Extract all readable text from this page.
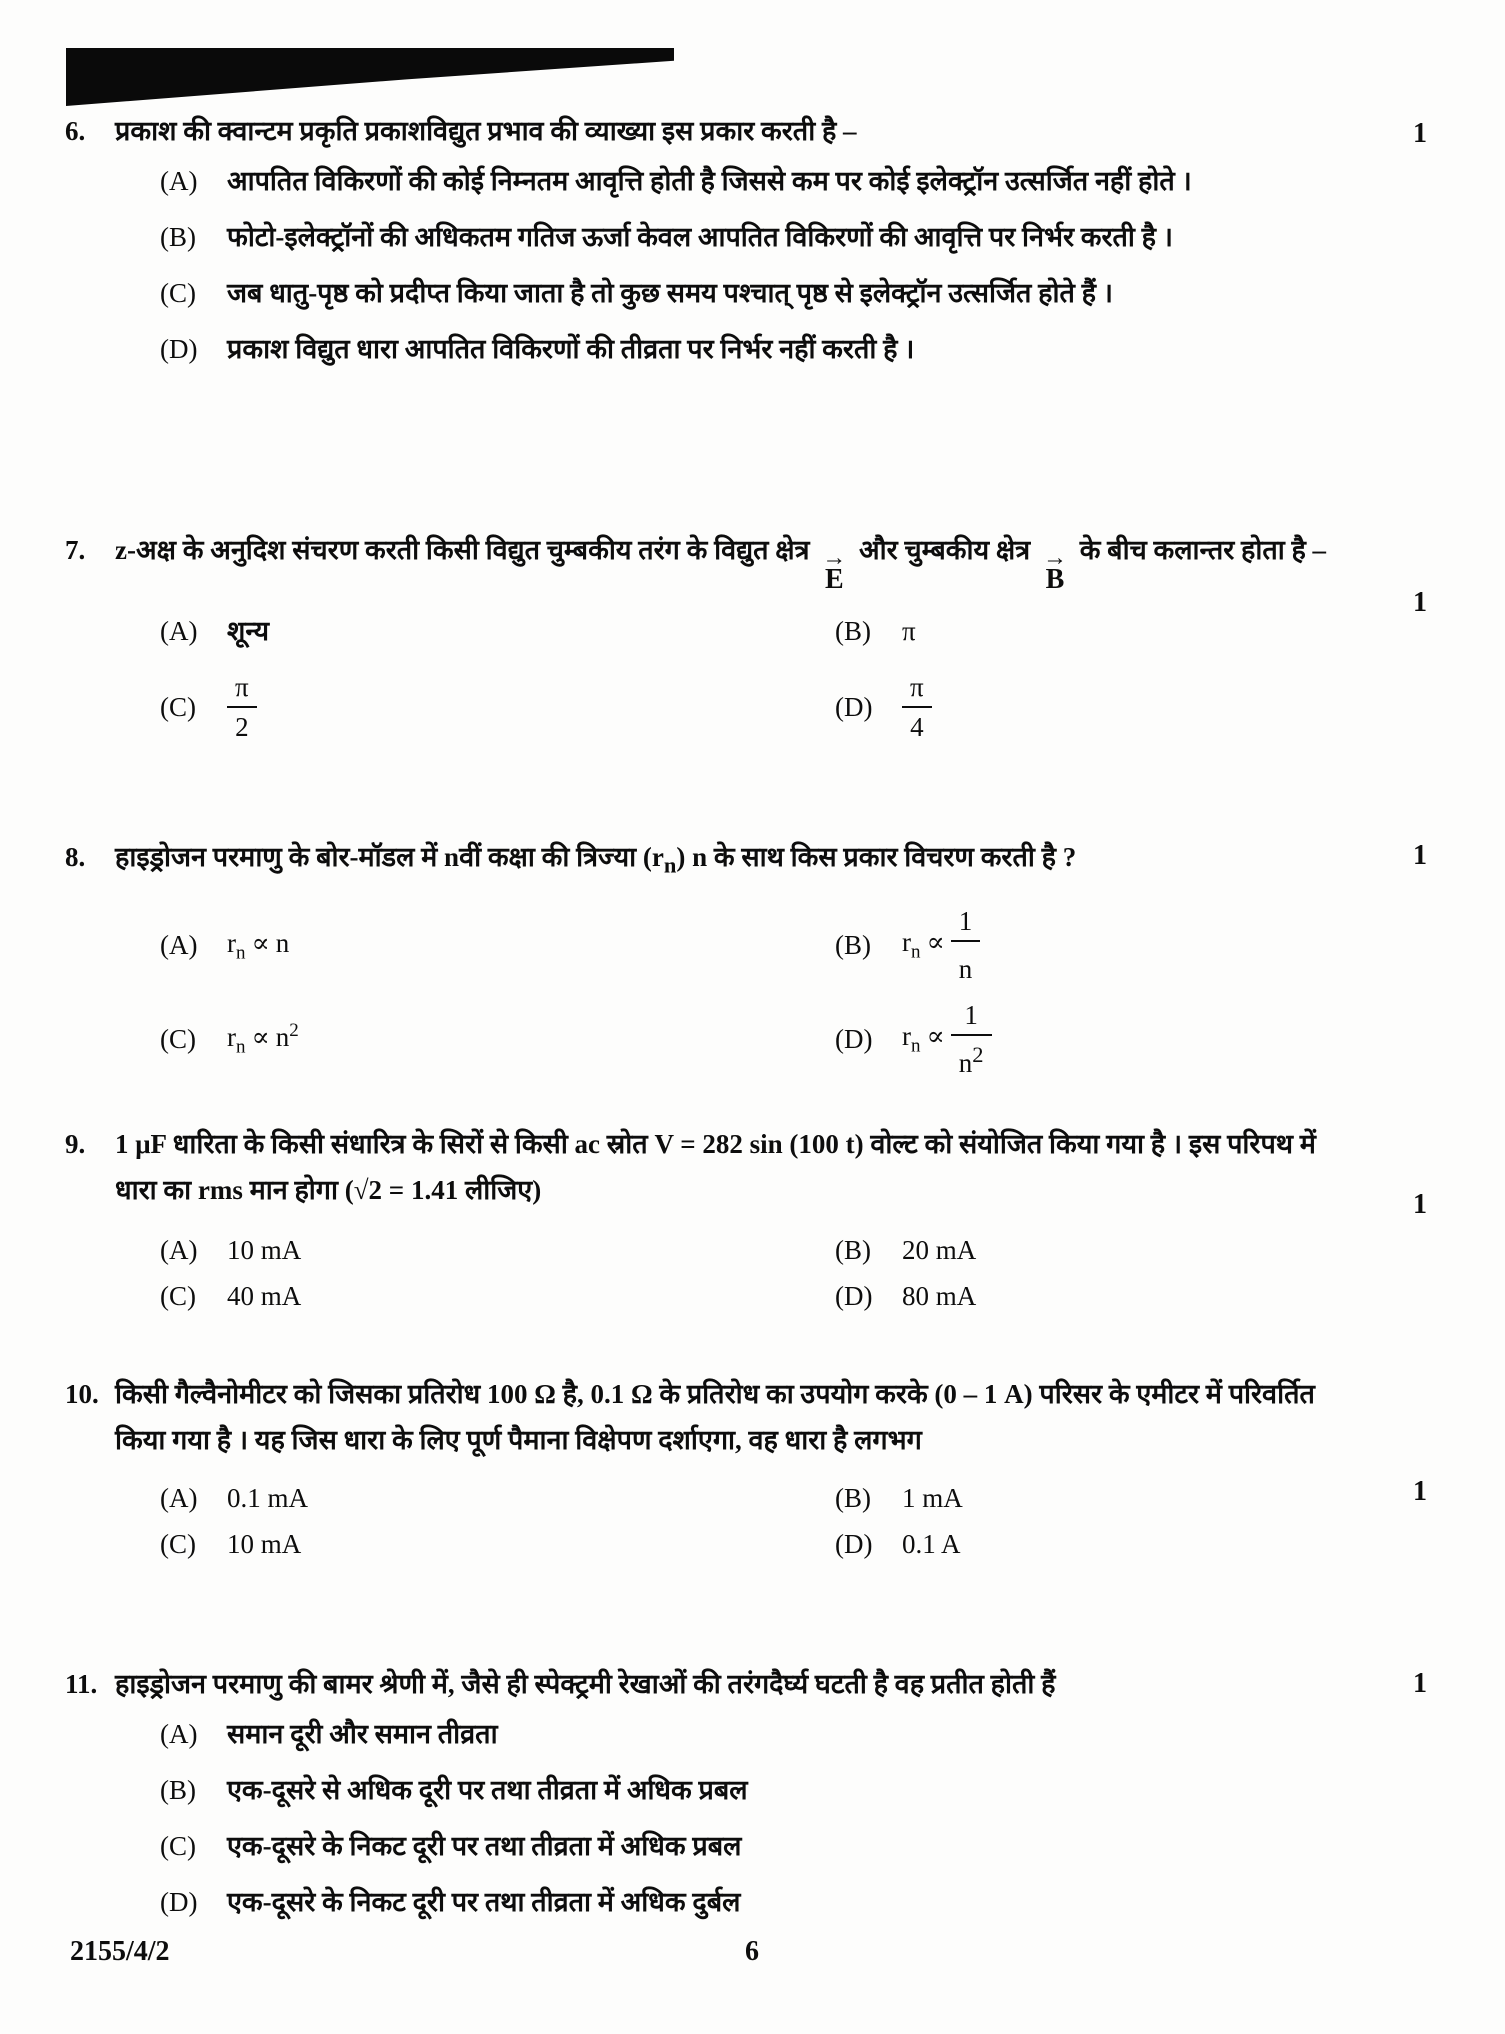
1
6.	प्रकाश की क्वान्टम प्रकृति प्रकाशविद्युत प्रभाव की व्याख्या इस प्रकार करती है –
(A)	आपतित विकिरणों की कोई निम्नतम आवृत्ति होती है जिससे कम पर कोई इलेक्ट्रॉन उत्सर्जित नहीं होते ।
(B)	फोटो-इलेक्ट्रॉनों की अधिकतम गतिज ऊर्जा केवल आपतित विकिरणों की आवृत्ति पर निर्भर करती है ।
(C)	जब धातु-पृष्ठ को प्रदीप्त किया जाता है तो कुछ समय पश्चात् पृष्ठ से इलेक्ट्रॉन उत्सर्जित होते हैं ।
(D)	प्रकाश विद्युत धारा आपतित विकिरणों की तीव्रता पर निर्भर नहीं करती है ।
1
7.	z-अक्ष के अनुदिश संचरण करती किसी विद्युत चुम्बकीय तरंग के विद्युत क्षेत्र →
E
और चुम्बकीय क्षेत्र →
B
के बीच कलान्तर होता है –
(A)	शून्य	(B)	π
(C)	$\frac{\pi}{2}$	(D)	$\frac{\pi}{4}$
1
8.	हाइड्रोजन परमाणु के बोर-मॉडल में nवीं कक्षा की त्रिज्या $(r_n)$ n के साथ किस प्रकार विचरण करती है ?
(A)	$r_n \propto n$	(B)	$r_n \propto \frac{1}{n}$
(C)	$r_n \propto n^2$	(D)	$r_n \propto \frac{1}{n^2}$
1
9.	1 μF धारिता के किसी संधारित्र के सिरों से किसी ac स्रोत V = 282 sin (100 t) वोल्ट को संयोजित किया गया है । इस परिपथ में धारा का rms मान होगा (√2 = 1.41 लीजिए)
(A)	10 mA	(B)	20 mA
(C)	40 mA	(D)	80 mA
1
10. किसी गैल्वैनोमीटर को जिसका प्रतिरोध 100 Ω है, 0.1 Ω के प्रतिरोध का उपयोग करके (0 – 1 A) परिसर के एमीटर में परिवर्तित किया गया है । यह जिस धारा के लिए पूर्ण पैमाना विक्षेपण दर्शाएगा, वह धारा है लगभग
(A)	0.1 mA	(B)	1 mA
(C)	10 mA	(D)	0.1 A
1
11. हाइड्रोजन परमाणु की बामर श्रेणी में, जैसे ही स्पेक्ट्रमी रेखाओं की तरंगदैर्घ्य घटती है वह प्रतीत होती हैं
(A)	समान दूरी और समान तीव्रता
(B)	एक-दूसरे से अधिक दूरी पर तथा तीव्रता में अधिक प्रबल
(C)	एक-दूसरे के निकट दूरी पर तथा तीव्रता में अधिक प्रबल
(D)	एक-दूसरे के निकट दूरी पर तथा तीव्रता में अधिक दुर्बल
2155/4/2	6
